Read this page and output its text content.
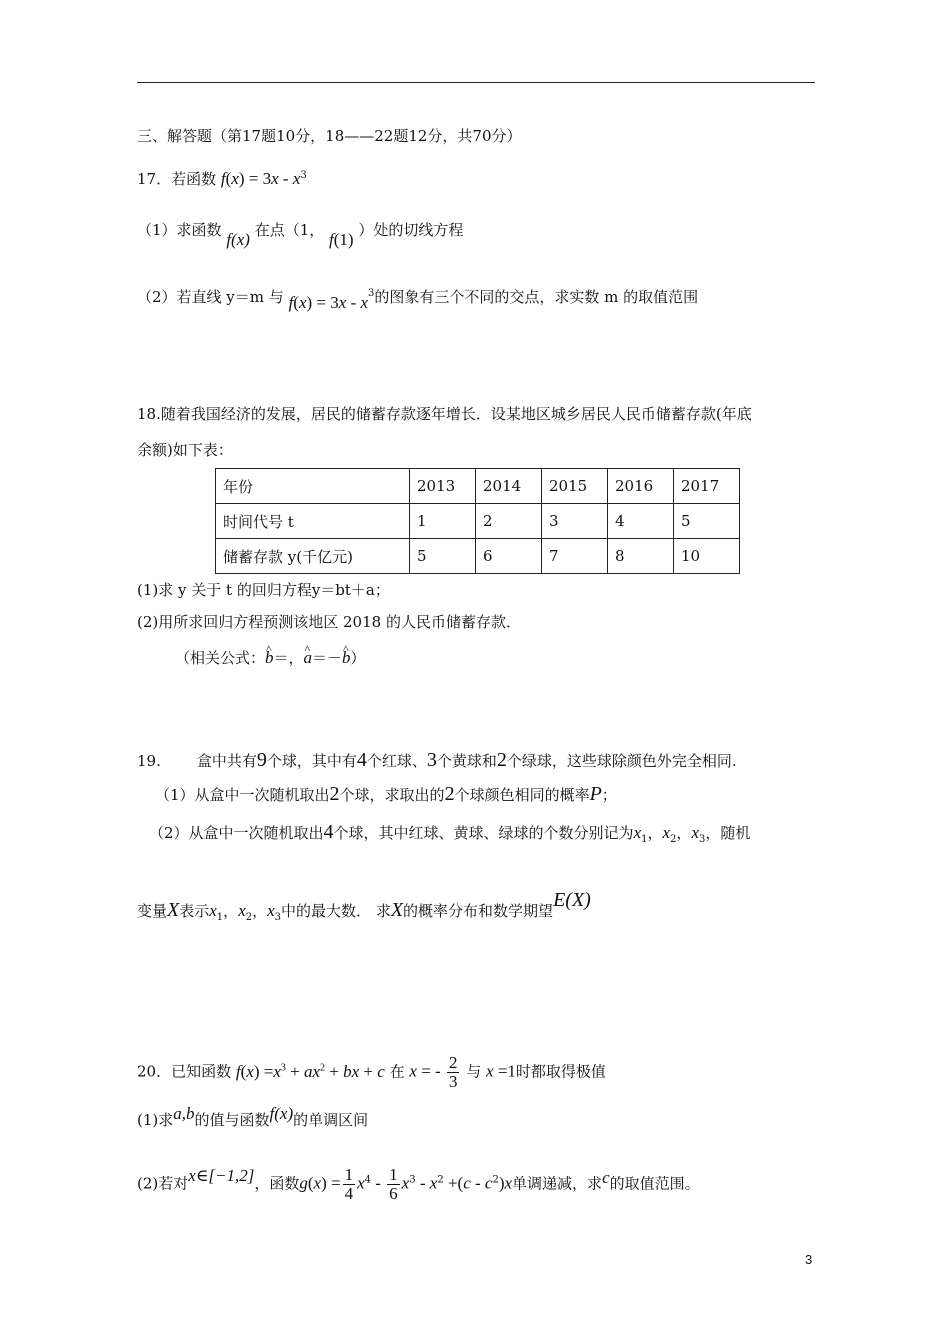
三、解答题（第17题10分，18——22题12分，共70分）
17．若函数 $f(x) = 3x - x^3$
（1）求函数 f(x) 在点（1， f(1) ）处的切线方程
（2）若直线 y＝m 与 $f(x) = 3x - x^3$的图象有三个不同的交点，求实数 m 的取值范围
18.随着我国经济的发展，居民的储蓄存款逐年增长．设某地区城乡居民人民币储蓄存款(年底
余额)如下表：
年份	2013	2014	2015	2016	2017
时间代号 t	1	2	3	4	5
储蓄存款 y(千亿元)	5	6	7	8	10
(1)求 y 关于 t 的回归方程y＝bt＋a；
(2)用所求回归方程预测该地区 2018 的人民币储蓄存款．
（相关公式：^ b＝，^ a＝－^ b）
19. 盒中共有9个球，其中有4个红球、3个黄球和2个绿球，这些球除颜色外完全相同.
（1）从盒中一次随机取出2个球，求取出的2个球颜色相同的概率P；
（2）从盒中一次随机取出4个球，其中红球、黄球、绿球的个数分别记为$x_1$，$x_2$，$x_3$，随机
变量X表示$x_1$，$x_2$，$x_3$中的最大数． 求X的概率分布和数学期望E(X)
20．已知函数 $f(x) =x^3 + ax^2$ + bx + c 在 x = - $\frac{2}{3}$ 与 x =1时都取得极值
(1)求a,b的值与函数f(x)的单调区间
(2)若对x∈[−1,2]，函数$g(x) = \frac{1}{4} x^4 - \frac{1}{6} x^3 - x^2 +(c - c^2)x$单调递减，求c的取值范围。
3
